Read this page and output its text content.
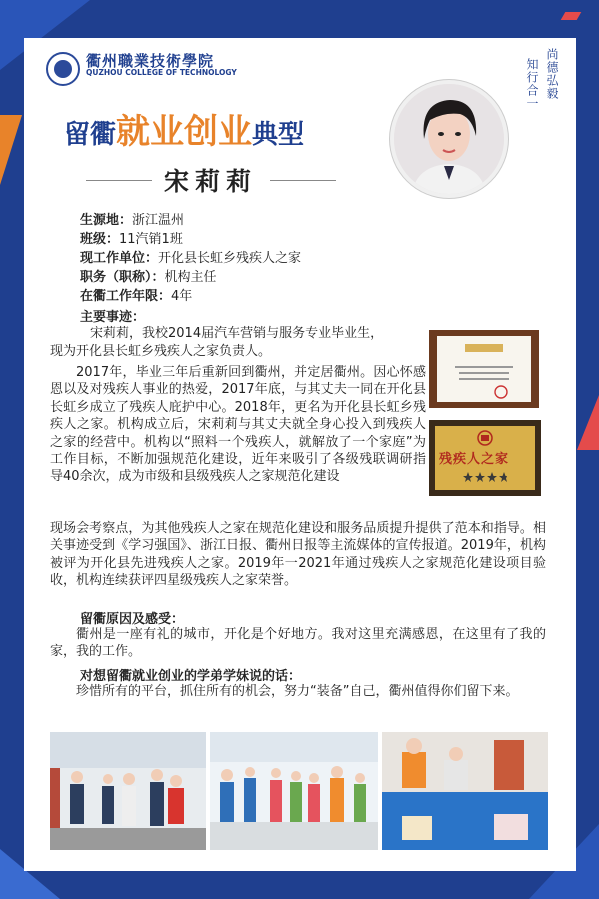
衢州職業技術學院
QUZHOU COLLEGE OF TECHNOLOGY	尚德弘毅
知行合一
留衢就业创业典型
宋莉莉
生源地：浙江温州
班级：11汽销1班
现工作单位：开化县长虹乡残疾人之家
职务（职称）：机构主任
在衢工作年限：4年
主要事迹：
宋莉莉，我校2014届汽车营销与服务专业毕业生，
现为开化县长虹乡残疾人之家负责人。
2017年，毕业三年后重新回到衢州，并定居衢州。因心怀感恩以及对残疾人事业的热爱，2017年底，与其丈夫一同在开化县长虹乡成立了残疾人庇护中心。2018年，更名为开化县长虹乡残疾人之家。机构成立后，宋莉莉与其丈夫就全身心投入到残疾人之家的经营中。机构以“照料一个残疾人，就解放了一个家庭”为工作目标，不断加强规范化建设，近年来吸引了各级残联调研指导40余次，成为市级和县级残疾人之家规范化建设
现场会考察点，为其他残疾人之家在规范化建设和服务品质提升提供了范本和指导。相关事迹受到《学习强国》、浙江日报、衢州日报等主流媒体的宣传报道。2019年，机构被评为开化县先进残疾人之家。2019年一2021年通过残疾人之家规范化建设项目验收，机构连续获评四星级残疾人之家荣誉。
残疾人之家
留衢原因及感受：
衢州是一座有礼的城市，开化是个好地方。我对这里充满感恩，在这里有了我的家，我的工作。
对想留衢就业创业的学弟学妹说的话：
珍惜所有的平台，抓住所有的机会，努力“装备”自己，衢州值得你们留下来。
